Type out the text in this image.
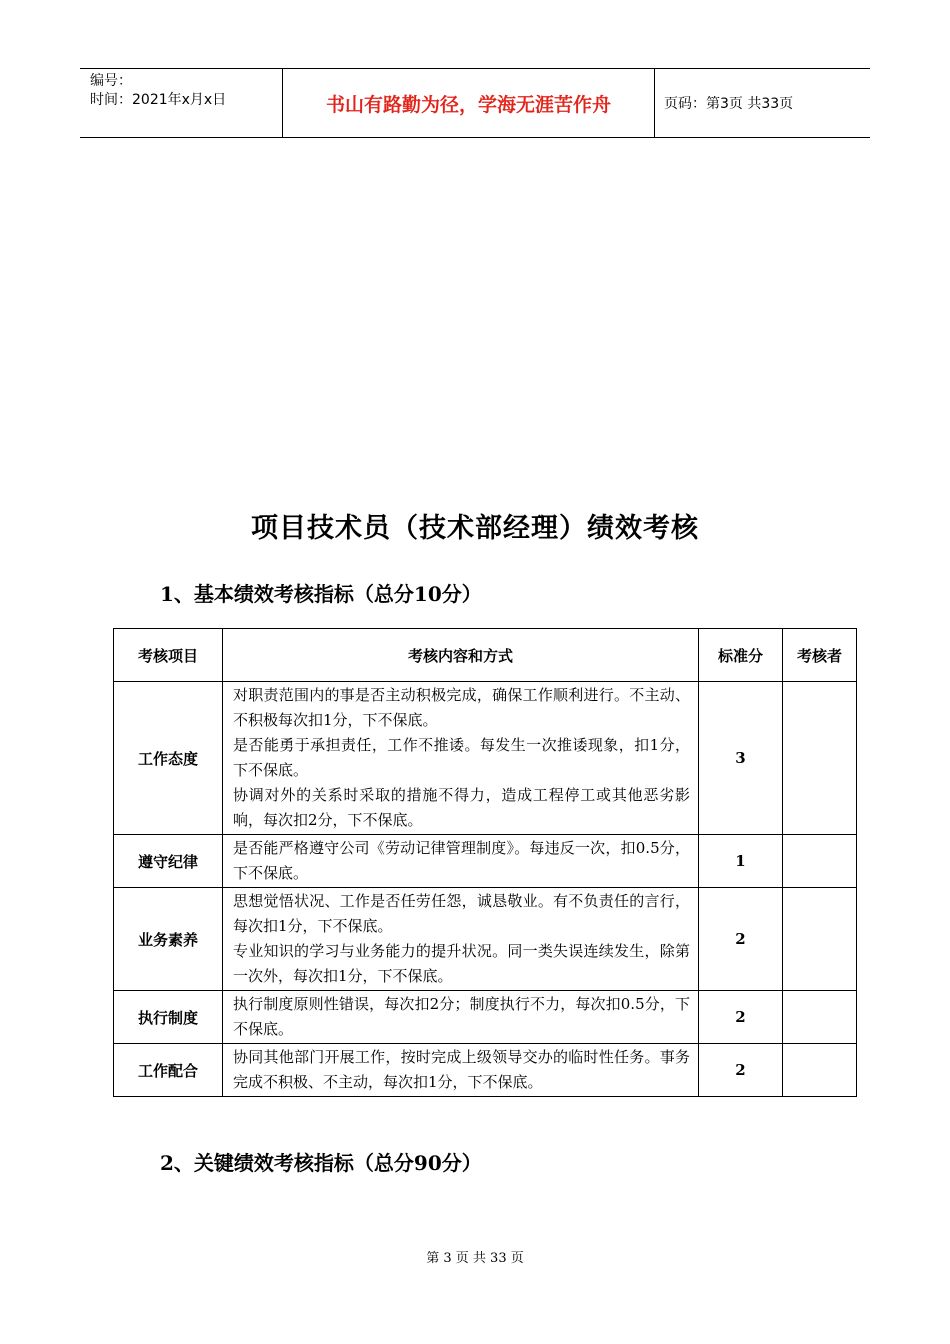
编号：
时间：2021年x月x日	书山有路勤为径，学海无涯苦作舟	页码：第3页 共33页
项目技术员（技术部经理）绩效考核
1、基本绩效考核指标（总分10分）
考核项目	考核内容和方式	标准分	考核者
工作态度	对职责范围内的事是否主动积极完成，确保工作顺利进行。不主动、不积极每次扣1分，下不保底。

是否能勇于承担责任，工作不推诿。每发生一次推诿现象，扣1分，下不保底。

协调对外的关系时采取的措施不得力，造成工程停工或其他恶劣影响，每次扣2分，下不保底。	3	
遵守纪律	是否能严格遵守公司《劳动记律管理制度》。每违反一次，扣0.5分，下不保底。	1	
业务素养	思想觉悟状况、工作是否任劳任怨，诚恳敬业。有不负责任的言行，每次扣1分，下不保底。

专业知识的学习与业务能力的提升状况。同一类失误连续发生，除第一次外，每次扣1分，下不保底。	2	
执行制度	执行制度原则性错误，每次扣2分；制度执行不力，每次扣0.5分，下不保底。	2	
工作配合	协同其他部门开展工作，按时完成上级领导交办的临时性任务。事务完成不积极、不主动，每次扣1分，下不保底。	2	
2、关键绩效考核指标（总分90分）
第 3 页 共 33 页
